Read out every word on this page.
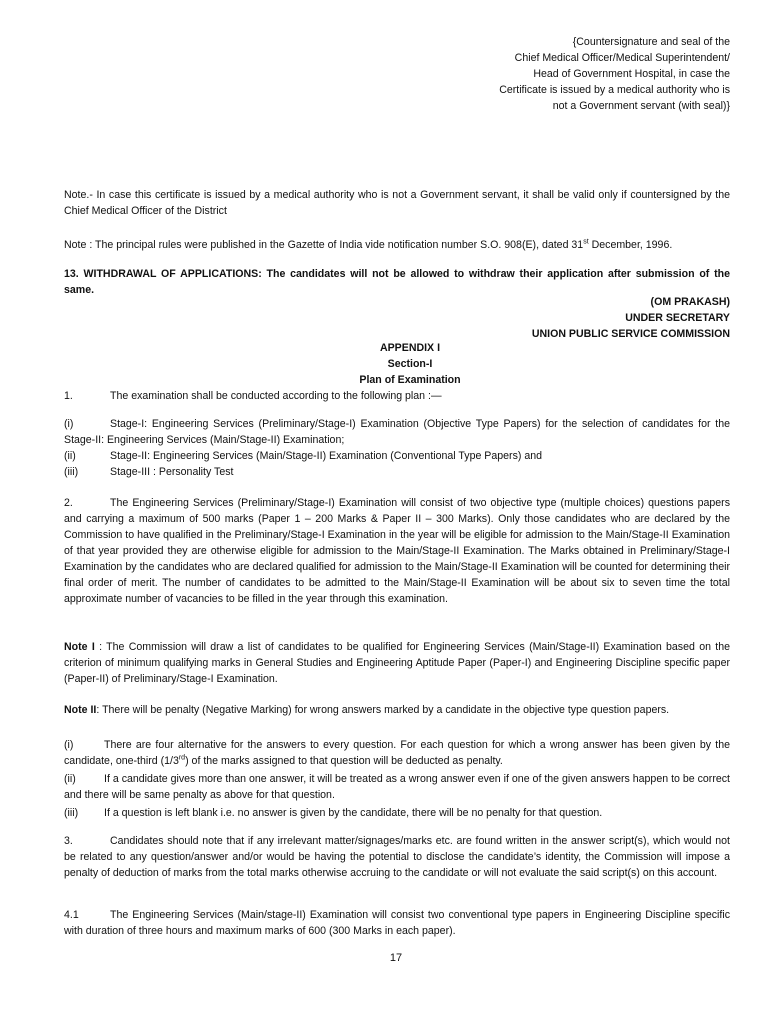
{Countersignature and seal of the
Chief Medical Officer/Medical Superintendent/
Head of Government Hospital, in case the
Certificate is issued by a medical authority who is
not a Government servant (with seal)}
Note.- In case this certificate is issued by a medical authority who is not a Government servant, it shall be valid only if countersigned by the Chief Medical Officer of the District
Note : The principal rules were published in the Gazette of India vide notification number S.O. 908(E), dated 31st December, 1996.
13. WITHDRAWAL OF APPLICATIONS: The candidates will not be allowed to withdraw their application after submission of the same.
(OM PRAKASH)
UNDER SECRETARY
UNION PUBLIC SERVICE COMMISSION
APPENDIX I
Section-I
Plan of Examination
1.	The examination shall be conducted according to the following plan :—
(i)	Stage-I: Engineering Services (Preliminary/Stage-I) Examination (Objective Type Papers) for the selection of candidates for the Stage-II: Engineering Services (Main/Stage-II) Examination;
(ii)	Stage-II: Engineering Services (Main/Stage-II) Examination (Conventional Type Papers) and
(iii)	Stage-III : Personality Test
2.	The Engineering Services (Preliminary/Stage-I) Examination will consist of two objective type (multiple choices) questions papers and carrying a maximum of 500 marks (Paper 1 – 200 Marks & Paper II – 300 Marks). Only those candidates who are declared by the Commission to have qualified in the Preliminary/Stage-I Examination in the year will be eligible for admission to the Main/Stage-II Examination of that year provided they are otherwise eligible for admission to the Main/Stage-II Examination. The Marks obtained in Preliminary/Stage-I Examination by the candidates who are declared qualified for admission to the Main/Stage-II Examination will be counted for determining their final order of merit. The number of candidates to be admitted to the Main/Stage-II Examination will be about six to seven time the total approximate number of vacancies to be filled in the year through this examination.
Note I : The Commission will draw a list of candidates to be qualified for Engineering Services (Main/Stage-II) Examination based on the criterion of minimum qualifying marks in General Studies and Engineering Aptitude Paper (Paper-I) and Engineering Discipline specific paper (Paper-II) of Preliminary/Stage-I Examination.
Note II: There will be penalty (Negative Marking) for wrong answers marked by a candidate in the objective type question papers.
(i)	There are four alternative for the answers to every question. For each question for which a wrong answer has been given by the candidate, one-third (1/3rd) of the marks assigned to that question will be deducted as penalty.
(ii)	If a candidate gives more than one answer, it will be treated as a wrong answer even if one of the given answers happen to be correct and there will be same penalty as above for that question.
(iii) If a question is left blank i.e. no answer is given by the candidate, there will be no penalty for that question.
3.	Candidates should note that if any irrelevant matter/signages/marks etc. are found written in the answer script(s), which would not be related to any question/answer and/or would be having the potential to disclose the candidate’s identity, the Commission will impose a penalty of deduction of marks from the total marks otherwise accruing to the candidate or will not evaluate the said script(s) on this account.
4.1	The Engineering Services (Main/stage-II) Examination will consist two conventional type papers in Engineering Discipline specific with duration of three hours and maximum marks of 600 (300 Marks in each paper).
17
